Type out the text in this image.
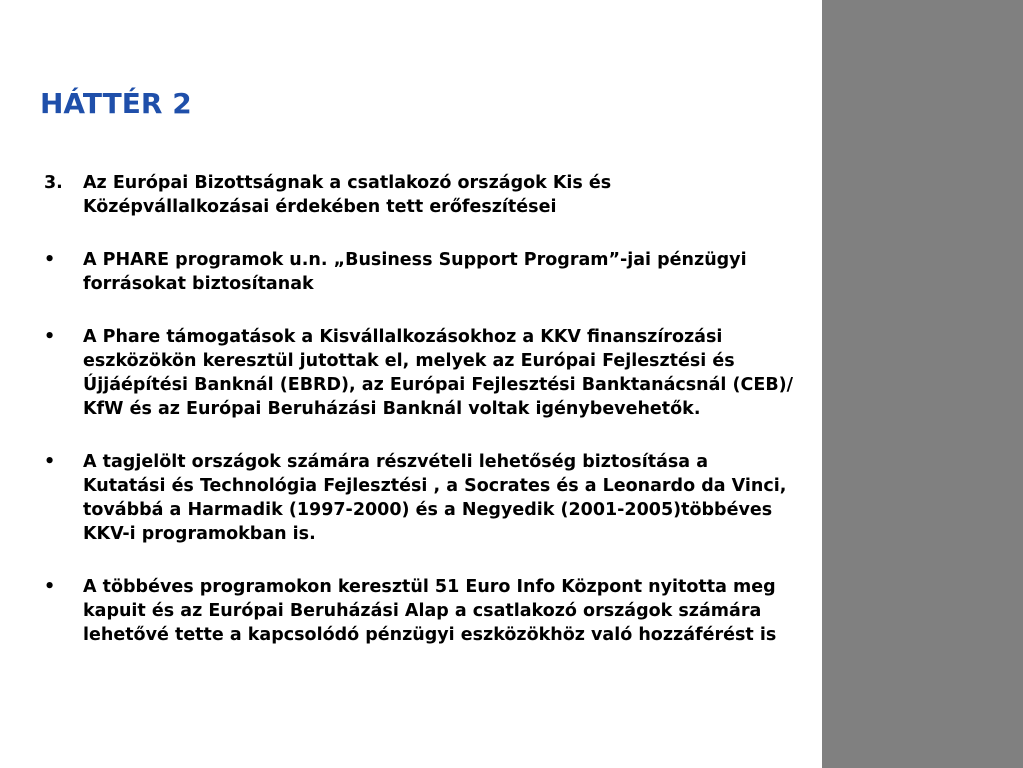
HÁTTÉR 2
3.	Az Európai Bizottságnak a csatlakozó országok Kis és Középvállalkozásai érdekében tett erőfeszítései
•	A PHARE programok u.n. „Business Support Program”-jai pénzügyi forrásokat biztosítanak
•	A Phare támogatások a Kisvállalkozásokhoz a KKV finanszírozási eszközökön keresztül jutottak el, melyek az Európai Fejlesztési és Újjáépítési Banknál (EBRD), az Európai Fejlesztési Banktanácsnál (CEB)/ KfW és az Európai Beruházási Banknál voltak igénybevehetők.
•	A tagjelölt országok számára részvételi lehetőség biztosítása a Kutatási és Technológia Fejlesztési , a Socrates és a Leonardo da Vinci, továbbá a Harmadik (1997-2000) és a Negyedik (2001-2005)többéves KKV-i programokban is.
•	A többéves programokon keresztül 51 Euro Info Központ nyitotta meg kapuit és az Európai Beruházási Alap a csatlakozó országok számára lehetővé tette a kapcsolódó pénzügyi eszközökhöz való hozzáférést is
